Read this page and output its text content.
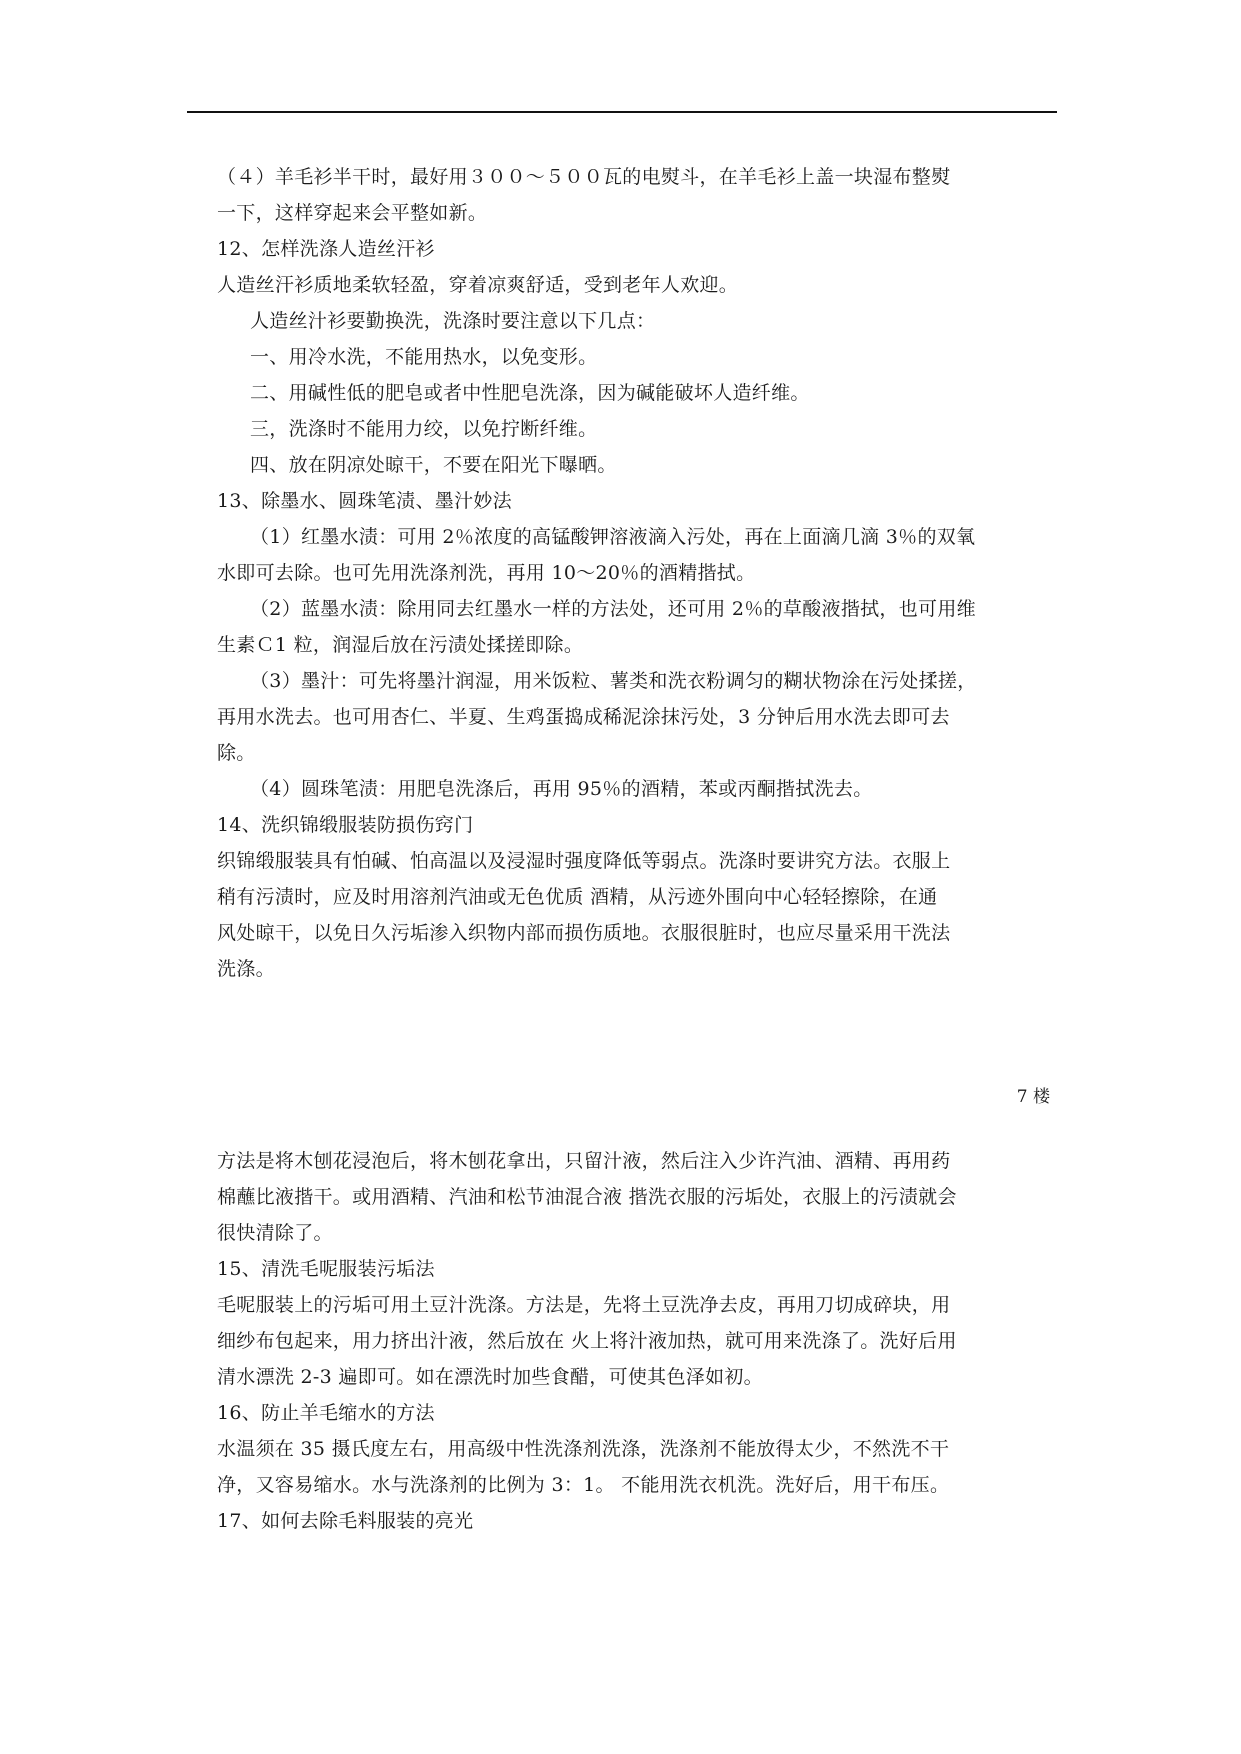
（４）羊毛衫半干时，最好用３００～５００瓦的电熨斗，在羊毛衫上盖一块湿布整熨
一下，这样穿起来会平整如新。
12、怎样洗涤人造丝汗衫
人造丝汗衫质地柔软轻盈，穿着凉爽舒适，受到老年人欢迎。
人造丝汁衫要勤换洗，洗涤时要注意以下几点：
一、用冷水洗，不能用热水，以免变形。
二、用碱性低的肥皂或者中性肥皂洗涤，因为碱能破坏人造纤维。
三，洗涤时不能用力绞，以免拧断纤维。
四、放在阴凉处晾干，不要在阳光下曝晒。
13、除墨水、圆珠笔渍、墨汁妙法
（1）红墨水渍：可用 2％浓度的高锰酸钾溶液滴入污处，再在上面滴几滴 3％的双氧
水即可去除。也可先用洗涤剂洗，再用 10～20％的酒精揩拭。
（2）蓝墨水渍：除用同去红墨水一样的方法处，还可用 2％的草酸液揩拭，也可用维
生素Ｃ1 粒，润湿后放在污渍处揉搓即除。
（3）墨汁：可先将墨汁润湿，用米饭粒、薯类和洗衣粉调匀的糊状物涂在污处揉搓，
再用水洗去。也可用杏仁、半夏、生鸡蛋捣成稀泥涂抹污处，3 分钟后用水洗去即可去
除。
（4）圆珠笔渍：用肥皂洗涤后，再用 95％的酒精，苯或丙酮揩拭洗去。
14、洗织锦缎服装防损伤窍门
织锦缎服装具有怕碱、怕高温以及浸湿时强度降低等弱点。洗涤时要讲究方法。衣服上
稍有污渍时，应及时用溶剂汽油或无色优质 酒精，从污迹外围向中心轻轻擦除，在通
风处晾干，以免日久污垢渗入织物内部而损伤质地。衣服很脏时，也应尽量采用干洗法
洗涤。
7 楼
方法是将木刨花浸泡后，将木刨花拿出，只留汁液，然后注入少许汽油、酒精、再用药
棉蘸比液揩干。或用酒精、汽油和松节油混合液 揩洗衣服的污垢处，衣服上的污渍就会
很快清除了。
15、清洗毛呢服装污垢法
毛呢服装上的污垢可用土豆汁洗涤。方法是，先将土豆洗净去皮，再用刀切成碎块，用
细纱布包起来，用力挤出汁液，然后放在 火上将汁液加热，就可用来洗涤了。洗好后用
清水漂洗 2-3 遍即可。如在漂洗时加些食醋，可使其色泽如初。
16、防止羊毛缩水的方法
水温须在 35 摄氏度左右，用高级中性洗涤剂洗涤，洗涤剂不能放得太少，不然洗不干
净，又容易缩水。水与洗涤剂的比例为 3：1。 不能用洗衣机洗。洗好后，用干布压。
17、如何去除毛料服装的亮光
